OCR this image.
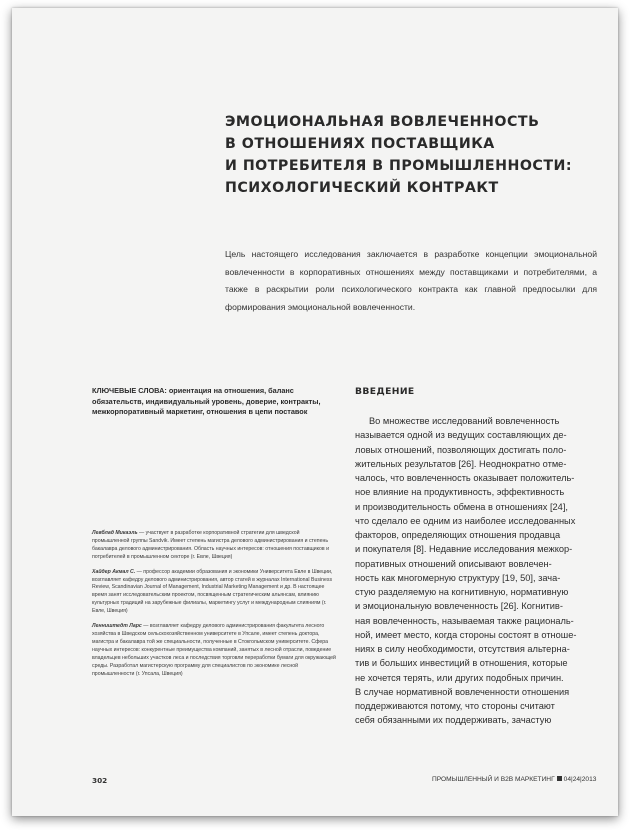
ЭМОЦИОНАЛЬНАЯ ВОВЛЕЧЕННОСТЬ
В ОТНОШЕНИЯХ ПОСТАВЩИКА
И ПОТРЕБИТЕЛЯ В ПРОМЫШЛЕННОСТИ:
ПСИХОЛОГИЧЕСКИЙ КОНТРАКТ
Цель настоящего исследования заключается в разработке концепции эмоциональной вовлеченности в корпоративных отношениях между поставщиками и потребителями, а также в раскрытии роли психологического контракта как главной предпосылки для формирования эмоциональной вовлеченности.
КЛЮЧЕВЫЕ СЛОВА: ориентация на отношения, баланс обязательств, индивидуальный уровень, доверие, контракты, межкорпоративный маркетинг, отношения в цепи поставок
Левблад Микаэль — участвует в разработке корпоративной стратегии для шведской промышленной группы Sandvik. Имеет степень магистра делового администрирования и степень бакалавра делового администрирования. Область научных интересов: отношения поставщиков и потребителей в промышленном секторе (г. Евле, Швеция)
Хайдер Акмал С. — профессор академии образования и экономики Университета Евле в Швеции, возглавляет кафедру делового администрирования, автор статей в журналах International Business Review, Scandinavian Journal of Management, Industrial Marketing Management и др. В настоящее время занят исследовательским проектом, посвященным стратегическим альянсам, влиянию культурных традиций на зарубежные филиалы, маркетингу услуг и международным слияниям (г. Евле, Швеция)
Ленништедт Ларс — возглавляет кафедру делового администрирования факультета лесного хозяйства в Шведском сельскохозяйственном университете в Упсале, имеет степень доктора, магистра и бакалавра той же специальности, полученные в Стокгольмском университете. Сфера научных интересов: конкурентные преимущества компаний, занятых в лесной отрасли, поведение владельцев небольших участков леса и последствия торговли переработки бумаги для окружающей среды. Разработал магистерскую программу для специалистов по экономике лесной промышленности (г. Упсала, Швеция)
ВВЕДЕНИЕ
Во множестве исследований вовлеченность
называется одной из ведущих составляющих де-
ловых отношений, позволяющих достигать поло-
жительных результатов [26]. Неоднократно отме-
чалось, что вовлеченность оказывает положитель-
ное влияние на продуктивность, эффективность
и производительность обмена в отношениях [24],
что сделало ее одним из наиболее исследованных
факторов, определяющих отношения продавца
и покупателя [8]. Недавние исследования межкор-
поративных отношений описывают вовлечен-
ность как многомерную структуру [19, 50], зача-
стую разделяемую на когнитивную, нормативную
и эмоциональную вовлеченность [26]. Когнитив-
ная вовлеченность, называемая также рациональ-
ной, имеет место, когда стороны состоят в отноше-
ниях в силу необходимости, отсутствия альтерна-
тив и больших инвестиций в отношения, которые
не хочется терять, или других подобных причин.
В случае нормативной вовлеченности отношения
поддерживаются потому, что стороны считают
себя обязанными их поддерживать, зачастую
302	ПРОМЫШЛЕННЫЙ И B2B МАРКЕТИНГ 04|24|2013
